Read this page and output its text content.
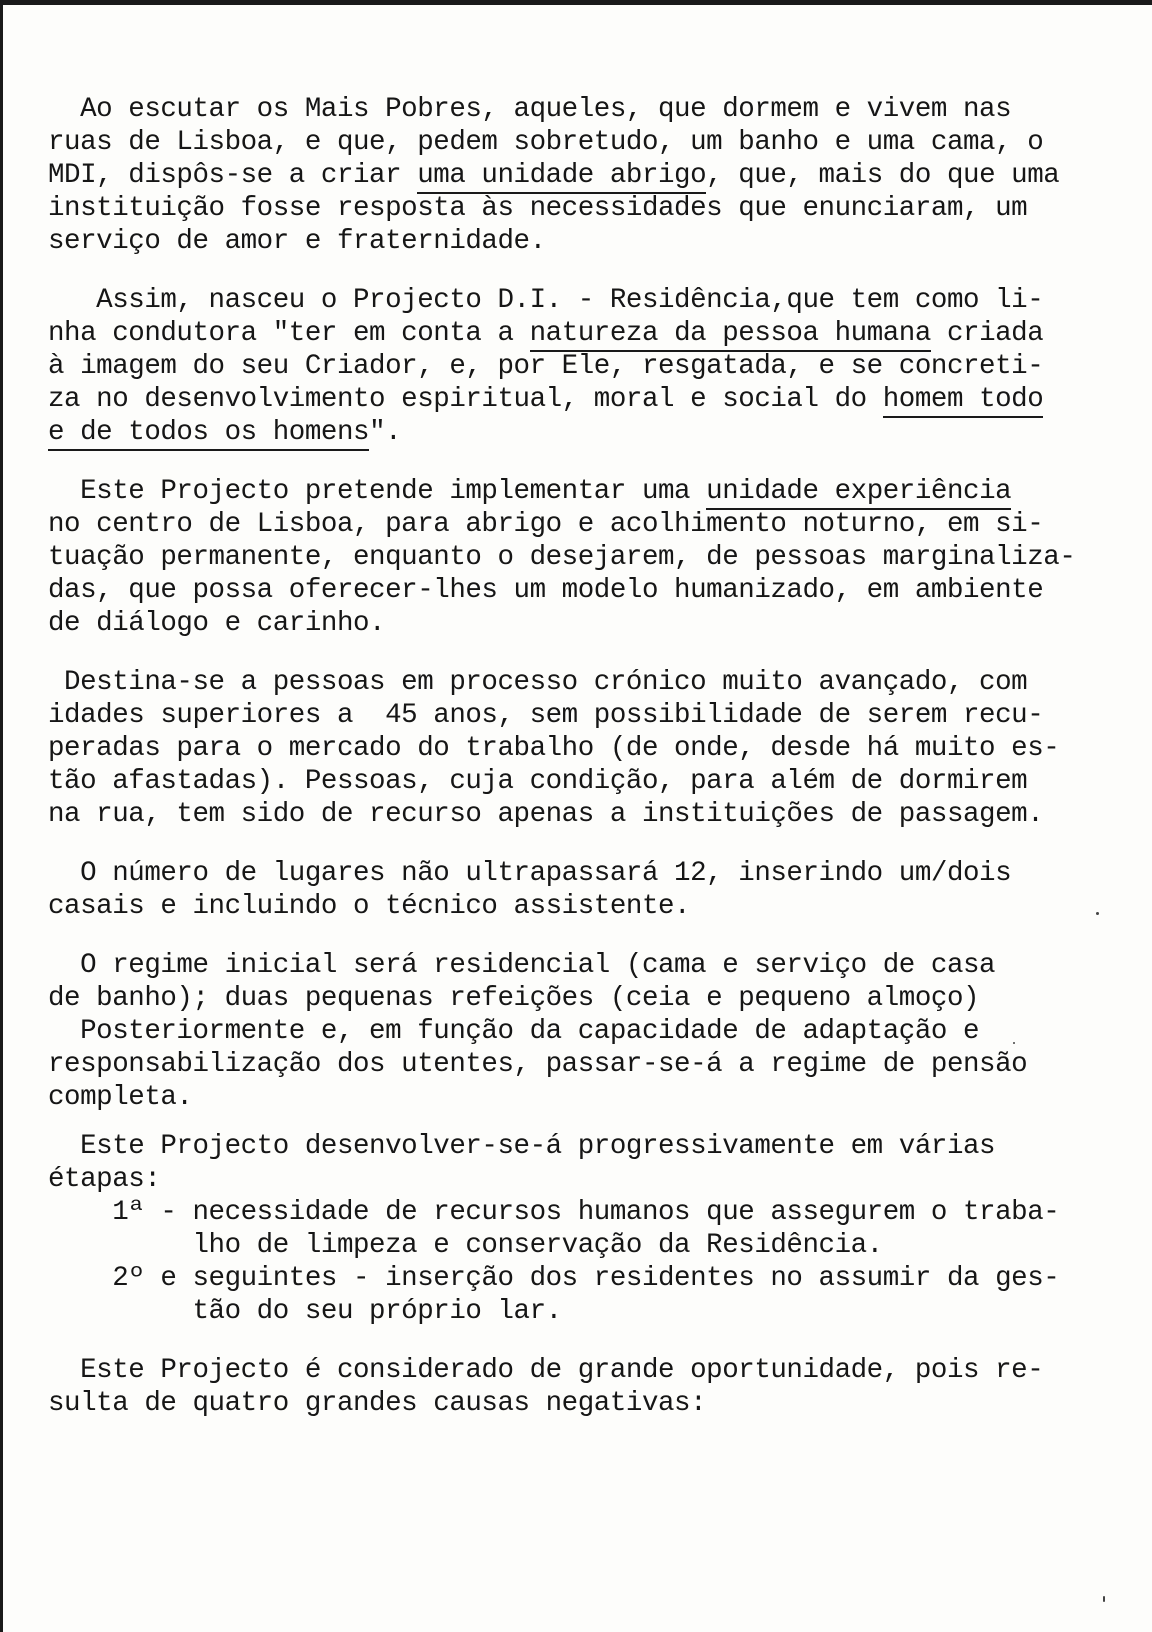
Ao escutar os Mais Pobres, aqueles, que dormem e vivem nas
ruas de Lisboa, e que, pedem sobretudo, um banho e uma cama, o
MDI, dispôs-se a criar uma unidade abrigo, que, mais do que uma
instituição fosse resposta às necessidades que enunciaram, um
serviço de amor e fraternidade.
Assim, nasceu o Projecto D.I. - Residência,que tem como li-
nha condutora "ter em conta a natureza da pessoa humana criada
à imagem do seu Criador, e, por Ele, resgatada, e se concreti-
za no desenvolvimento espiritual, moral e social do homem todo
e de todos os homens".
Este Projecto pretende implementar uma unidade experiência
no centro de Lisboa, para abrigo e acolhimento noturno, em si-
tuação permanente, enquanto o desejarem, de pessoas marginaliza-
das, que possa oferecer-lhes um modelo humanizado, em ambiente
de diálogo e carinho.
Destina-se a pessoas em processo crónico muito avançado, com
idades superiores a  45 anos, sem possibilidade de serem recu-
peradas para o mercado do trabalho (de onde, desde há muito es-
tão afastadas). Pessoas, cuja condição, para além de dormirem
na rua, tem sido de recurso apenas a instituições de passagem.
O número de lugares não ultrapassará 12, inserindo um/dois
casais e incluindo o técnico assistente.
O regime inicial será residencial (cama e serviço de casa
de banho); duas pequenas refeições (ceia e pequeno almoço)
Posteriormente e, em função da capacidade de adaptação e
responsabilização dos utentes, passar-se-á a regime de pensão
completa.
Este Projecto desenvolver-se-á progressivamente em várias
étapas:
1ª - necessidade de recursos humanos que assegurem o traba-
lho de limpeza e conservação da Residência.
2º e seguintes - inserção dos residentes no assumir da ges-
tão do seu próprio lar.
Este Projecto é considerado de grande oportunidade, pois re-
sulta de quatro grandes causas negativas:
